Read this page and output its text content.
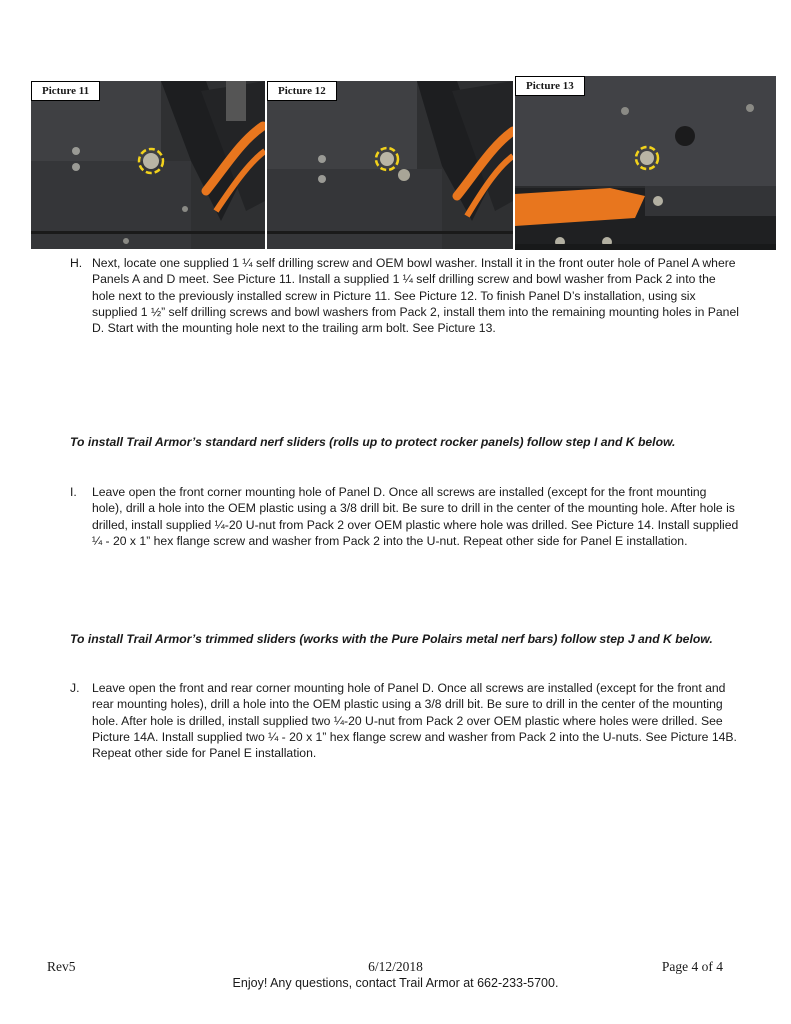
Picture 11	Picture 12	Picture 13
H. Next, locate one supplied 1 ¼ self drilling screw and OEM bowl washer. Install it in the front outer hole of Panel A where Panels A and D meet. See Picture 11. Install a supplied 1 ¼ self drilling screw and bowl washer from Pack 2 into the hole next to the previously installed screw in Picture 11. See Picture 12. To finish Panel D’s installation, using six supplied 1 ½” self drilling screws and bowl washers from Pack 2, install them into the remaining mounting holes in Panel D. Start with the mounting hole next to the trailing arm bolt. See Picture 13.
To install Trail Armor’s standard nerf sliders (rolls up to protect rocker panels) follow step I and K below.
I. Leave open the front corner mounting hole of Panel D. Once all screws are installed (except for the front mounting hole), drill a hole into the OEM plastic using a 3/8 drill bit. Be sure to drill in the center of the mounting hole. After hole is drilled, install supplied ¼-20 U-nut from Pack 2 over OEM plastic where hole was drilled. See Picture 14. Install supplied ¼ - 20 x 1” hex flange screw and washer from Pack 2 into the U-nut. Repeat other side for Panel E installation.
To install Trail Armor’s trimmed sliders (works with the Pure Polairs metal nerf bars) follow step J and K below.
J. Leave open the front and rear corner mounting hole of Panel D. Once all screws are installed (except for the front and rear mounting holes), drill a hole into the OEM plastic using a 3/8 drill bit. Be sure to drill in the center of the mounting hole. After hole is drilled, install supplied two ¼-20 U-nut from Pack 2 over OEM plastic where holes were drilled. See Picture 14A. Install supplied two ¼ - 20 x 1” hex flange screw and washer from Pack 2 into the U-nuts. See Picture 14B. Repeat other side for Panel E installation.
6/12/2018
Rev5	Page 4 of 4
Enjoy! Any questions, contact Trail Armor at 662-233-5700.
